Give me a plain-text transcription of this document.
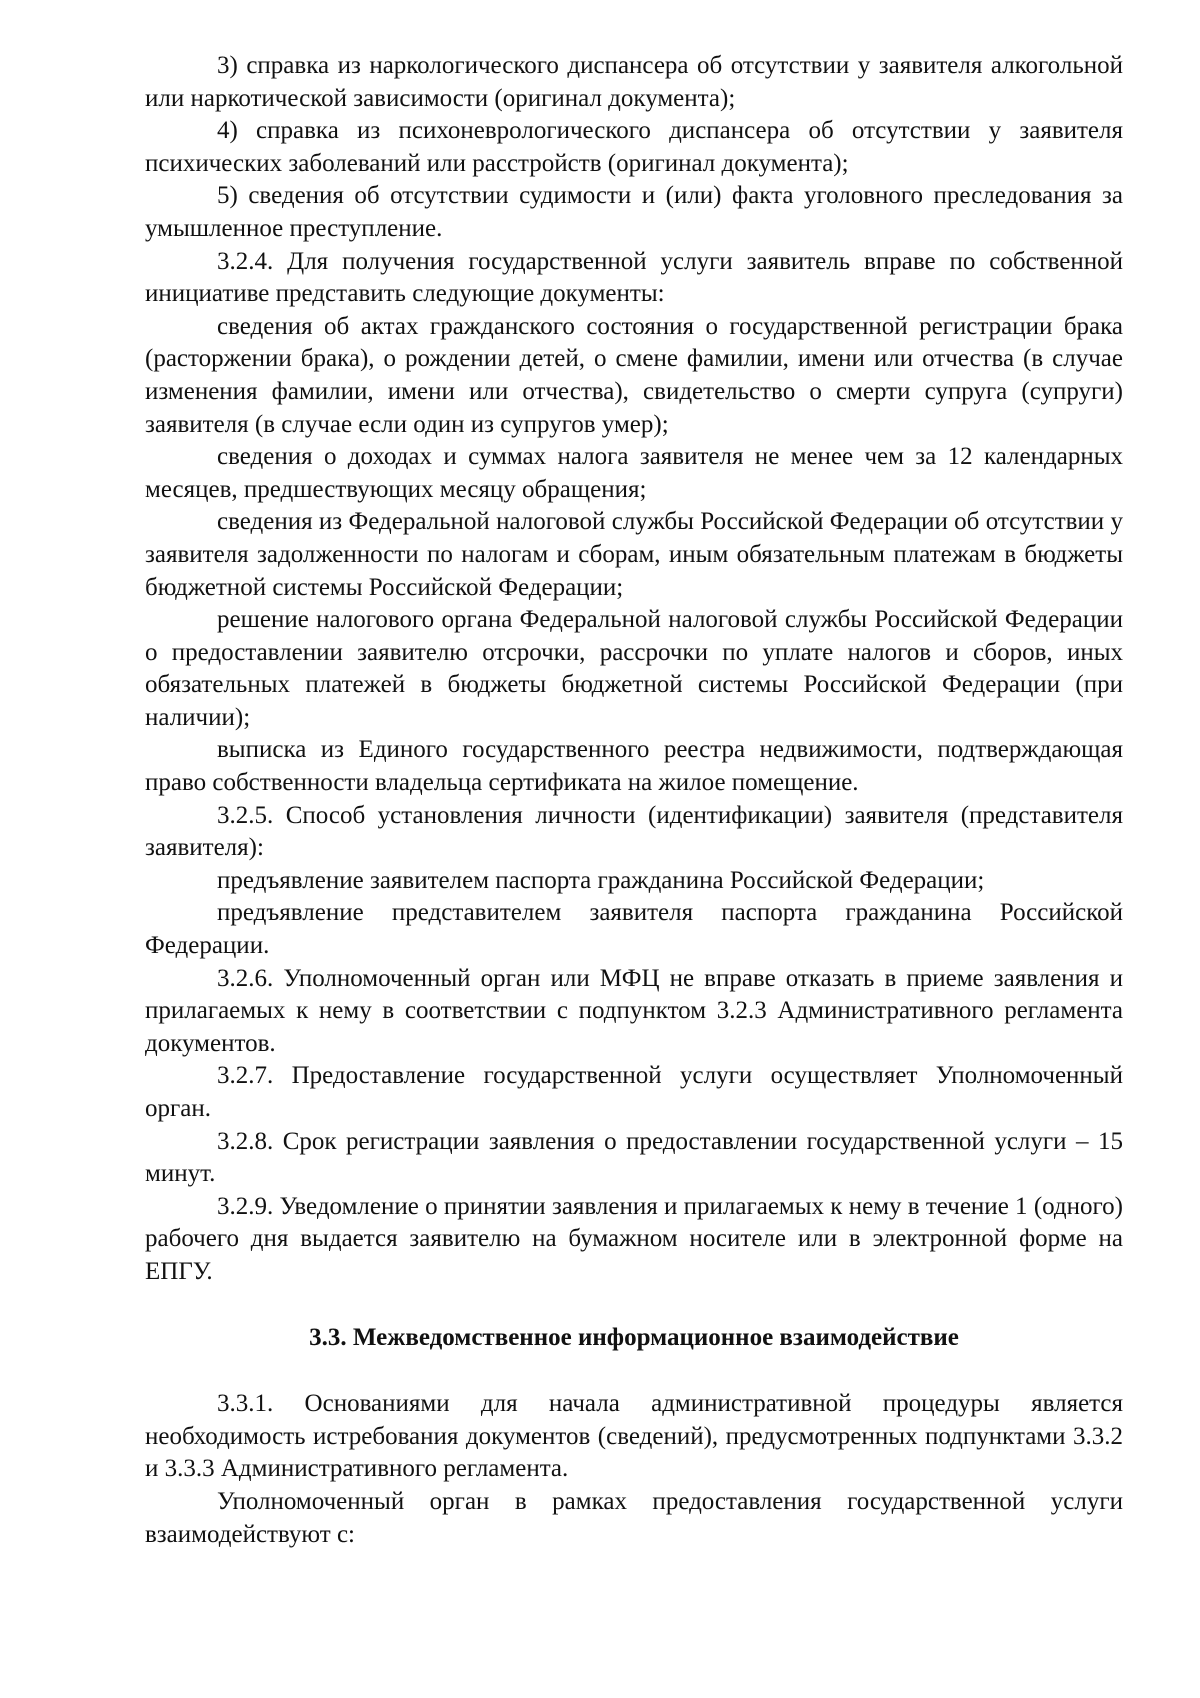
3) справка из наркологического диспансера об отсутствии у заявителя алкогольной или наркотической зависимости (оригинал документа);

4) справка из психоневрологического диспансера об отсутствии у заявителя психических заболеваний или расстройств (оригинал документа);

5) сведения об отсутствии судимости и (или) факта уголовного преследования за умышленное преступление.

3.2.4. Для получения государственной услуги заявитель вправе по собственной инициативе представить следующие документы:

сведения об актах гражданского состояния о государственной регистрации брака (расторжении брака), о рождении детей, о смене фамилии, имени или отчества (в случае изменения фамилии, имени или отчества), свидетельство о смерти супруга (супруги) заявителя (в случае если один из супругов умер);

сведения о доходах и суммах налога заявителя не менее чем за 12 календарных месяцев, предшествующих месяцу обращения;

сведения из Федеральной налоговой службы Российской Федерации об отсутствии у заявителя задолженности по налогам и сборам, иным обязательным платежам в бюджеты бюджетной системы Российской Федерации;

решение налогового органа Федеральной налоговой службы Российской Федерации о предоставлении заявителю отсрочки, рассрочки по уплате налогов и сборов, иных обязательных платежей в бюджеты бюджетной системы Российской Федерации (при наличии);

выписка из Единого государственного реестра недвижимости, подтверждающая право собственности владельца сертификата на жилое помещение.

3.2.5. Способ установления личности (идентификации) заявителя (представителя заявителя):

предъявление заявителем паспорта гражданина Российской Федерации;

предъявление представителем заявителя паспорта гражданина Российской Федерации.

3.2.6. Уполномоченный орган или МФЦ не вправе отказать в приеме заявления и прилагаемых к нему в соответствии с подпунктом 3.2.3 Административного регламента документов.

3.2.7. Предоставление государственной услуги осуществляет Уполномоченный орган.

3.2.8. Срок регистрации заявления о предоставлении государственной услуги – 15 минут.

3.2.9. Уведомление о принятии заявления и прилагаемых к нему в течение 1 (одного) рабочего дня выдается заявителю на бумажном носителе или в электронной форме на ЕПГУ.

3.3. Межведомственное информационное взаимодействие

3.3.1. Основаниями для начала административной процедуры является необходимость истребования документов (сведений), предусмотренных подпунктами 3.3.2 и 3.3.3 Административного регламента.

Уполномоченный орган в рамках предоставления государственной услуги взаимодействуют с:
